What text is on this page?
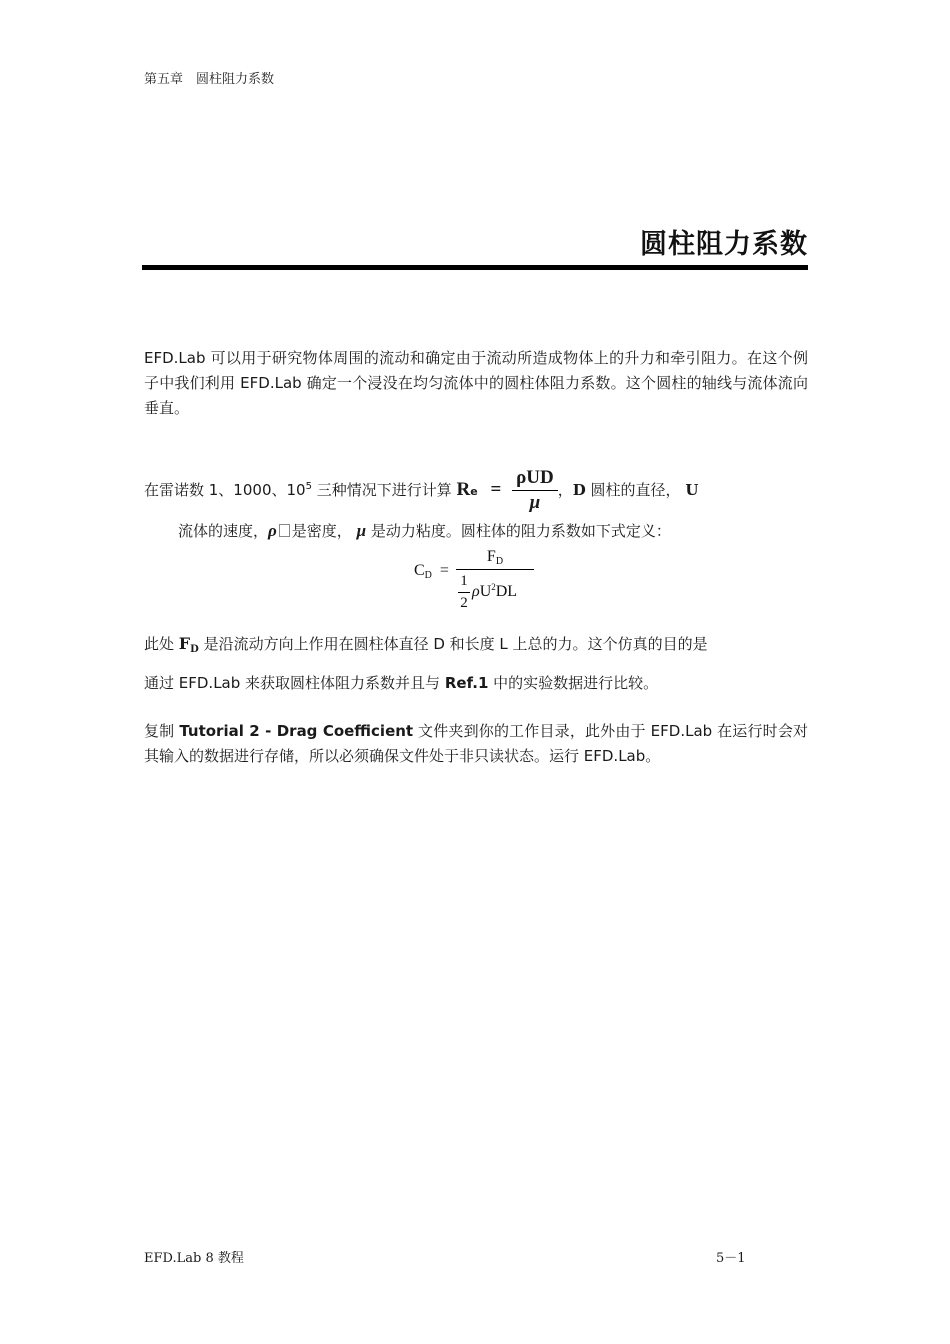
第五章　圆柱阻力系数
圆柱阻力系数
EFD.Lab 可以用于研究物体周围的流动和确定由于流动所造成物体上的升力和牵引阻力。在这个例子中我们利用 EFD.Lab 确定一个浸没在均匀流体中的圆柱体阻力系数。这个圆柱的轴线与流体流向垂直。
在雷诺数 1、1000、$10^5$ 三种情况下进行计算 $Re = \frac{\text{ρUD}}{\mu}$ ，D 圆柱的直径， U
流体的速度，ρ 是密度， μ 是动力粘度。圆柱体的阻力系数如下式定义：
$C_D$ =
$F_D$
1
2
$\rho U^2DL$
此处 $F_D$ 是沿流动方向上作用在圆柱体直径 D 和长度 L 上总的力。这个仿真的目的是
通过 EFD.Lab 来获取圆柱体阻力系数并且与 Ref.1 中的实验数据进行比较。
复制 Tutorial 2 - Drag Coefficient 文件夹到你的工作目录，此外由于 EFD.Lab 在运行时会对其输入的数据进行存储，所以必须确保文件处于非只读状态。运行 EFD.Lab。
EFD.Lab 8 教程	5－1
